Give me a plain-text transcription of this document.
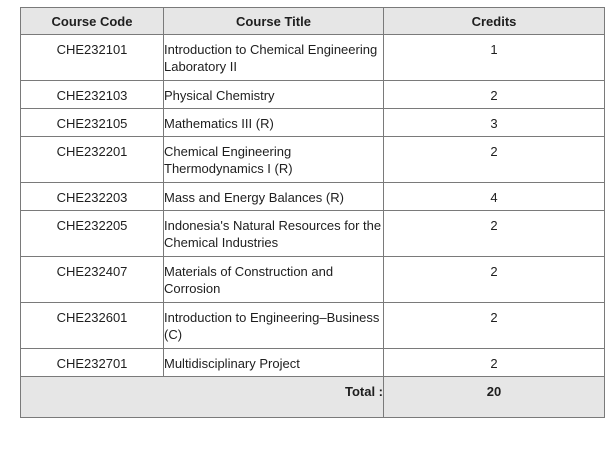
Course Code	Course Title	Credits
CHE232101	Introduction to Chemical Engineering Laboratory II	1
CHE232103	Physical Chemistry	2
CHE232105	Mathematics III (R)	3
CHE232201	Chemical Engineering Thermodynamics I (R)	2
CHE232203	Mass and Energy Balances (R)	4
CHE232205	Indonesia's Natural Resources for the Chemical Industries	2
CHE232407	Materials of Construction and Corrosion	2
CHE232601	Introduction to Engineering–Business (C)	2
CHE232701	Multidisciplinary Project	2
Total :		20
